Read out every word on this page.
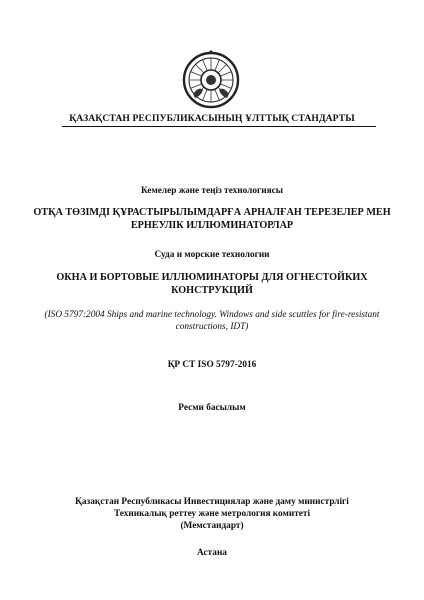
ҚАЗАҚСТАН РЕСПУБЛИКАСЫНЫҢ ҰЛТТЫҚ СТАНДАРТЫ
Кемелер және теңіз технологиясы
ОТҚА ТӨЗІМДІ ҚҰРАСТЫРЫЛЫМДАРҒА АРНАЛҒАН ТЕРЕЗЕЛЕР МЕН
ЕРНЕУЛІК ИЛЛЮМИНАТОРЛАР
Суда и морские технологии
ОКНА И БОРТОВЫЕ ИЛЛЮМИНАТОРЫ ДЛЯ ОГНЕСТОЙКИХ
КОНСТРУКЦИЙ
(ISO 5797:2004 Ships and marine technology. Windows and side scuttles for fire-resistant
constructions, IDT)
ҚР СТ ISO 5797-2016
Ресми басылым
Қазақстан Республикасы Инвестициялар және даму министрлігі
Техникалық реттеу және метрология комитеті
(Мемстандарт)
Астана
